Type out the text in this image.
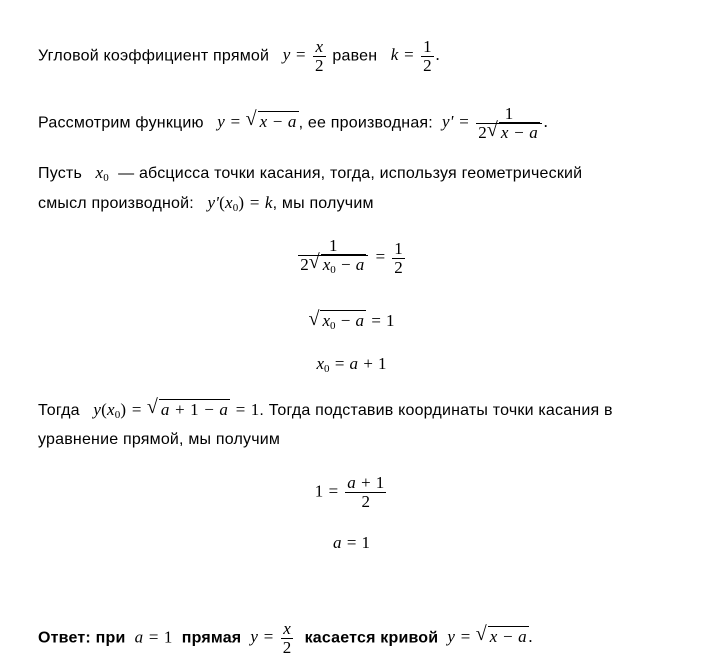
Угловой коэффициент прямой   $y = \frac{x}{2}$ равен   $k = \frac{1}{2}$ .
Рассмотрим функцию   y = √ x − a , ее производная:  $y' = \frac{1}{2 √ x - a}$ .
Пусть   $x_0$ — абсцисса точки касания, тогда, используя геометрический
смысл производной:   $y'(x_0) = k$, мы получим
$\frac{1}{2 √ x_0 - a} = \frac{1}{2}$
√ $x_0 - a = 1$
$x_0 = a + 1$
Тогда   $y(x_0)$ = √ a + 1 − a = 1. Тогда подставив координаты точки касания в
уравнение прямой, мы получим
$1 = \frac{a + 1}{2}$
a = 1
Ответ: при  a = 1 прямая  $y = \frac{x}{2}$ касается кривой  y = √ x − a .
